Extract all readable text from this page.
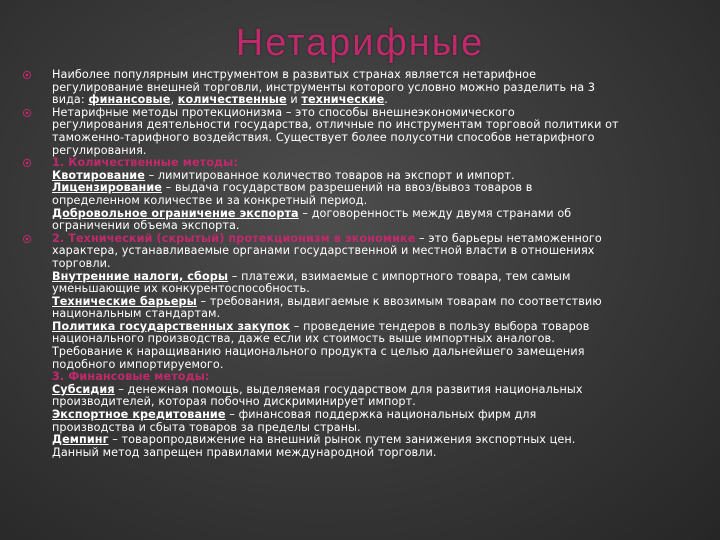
Нетарифные
Наиболее популярным инструментом в развитых странах является нетарифное
регулирование внешней торговли, инструменты которого условно можно разделить на 3
вида: финансовые, количественные и технические.
Нетарифные методы протекционизма – это способы внешнеэкономического
регулирования деятельности государства, отличные по инструментам торговой политики от
таможенно-тарифного воздействия. Существует более полусотни способов нетарифного
регулирования.
1. Количественные методы:
Квотирование – лимитированное количество товаров на экспорт и импорт.
Лицензирование – выдача государством разрешений на ввоз/вывоз товаров в
определенном количестве и за конкретный период.
Добровольное ограничение экспорта – договоренность между двумя странами об
ограничении объема экспорта.
2. Технический (скрытый) протекционизм в экономике – это барьеры нетаможенного
характера, устанавливаемые органами государственной и местной власти в отношениях
торговли.
Внутренние налоги, сборы – платежи, взимаемые с импортного товара, тем самым
уменьшающие их конкурентоспособность.
Технические барьеры – требования, выдвигаемые к ввозимым товарам по соответствию
национальным стандартам.
Политика государственных закупок – проведение тендеров в пользу выбора товаров
национального производства, даже если их стоимость выше импортных аналогов.
Требование к наращиванию национального продукта с целью дальнейшего замещения
подобного импортируемого.
3. Финансовые методы:
Субсидия – денежная помощь, выделяемая государством для развития национальных
производителей, которая побочно дискриминирует импорт.
Экспортное кредитование – финансовая поддержка национальных фирм для
производства и сбыта товаров за пределы страны.
Демпинг – товаропродвижение на внешний рынок путем занижения экспортных цен.
Данный метод запрещен правилами международной торговли.
